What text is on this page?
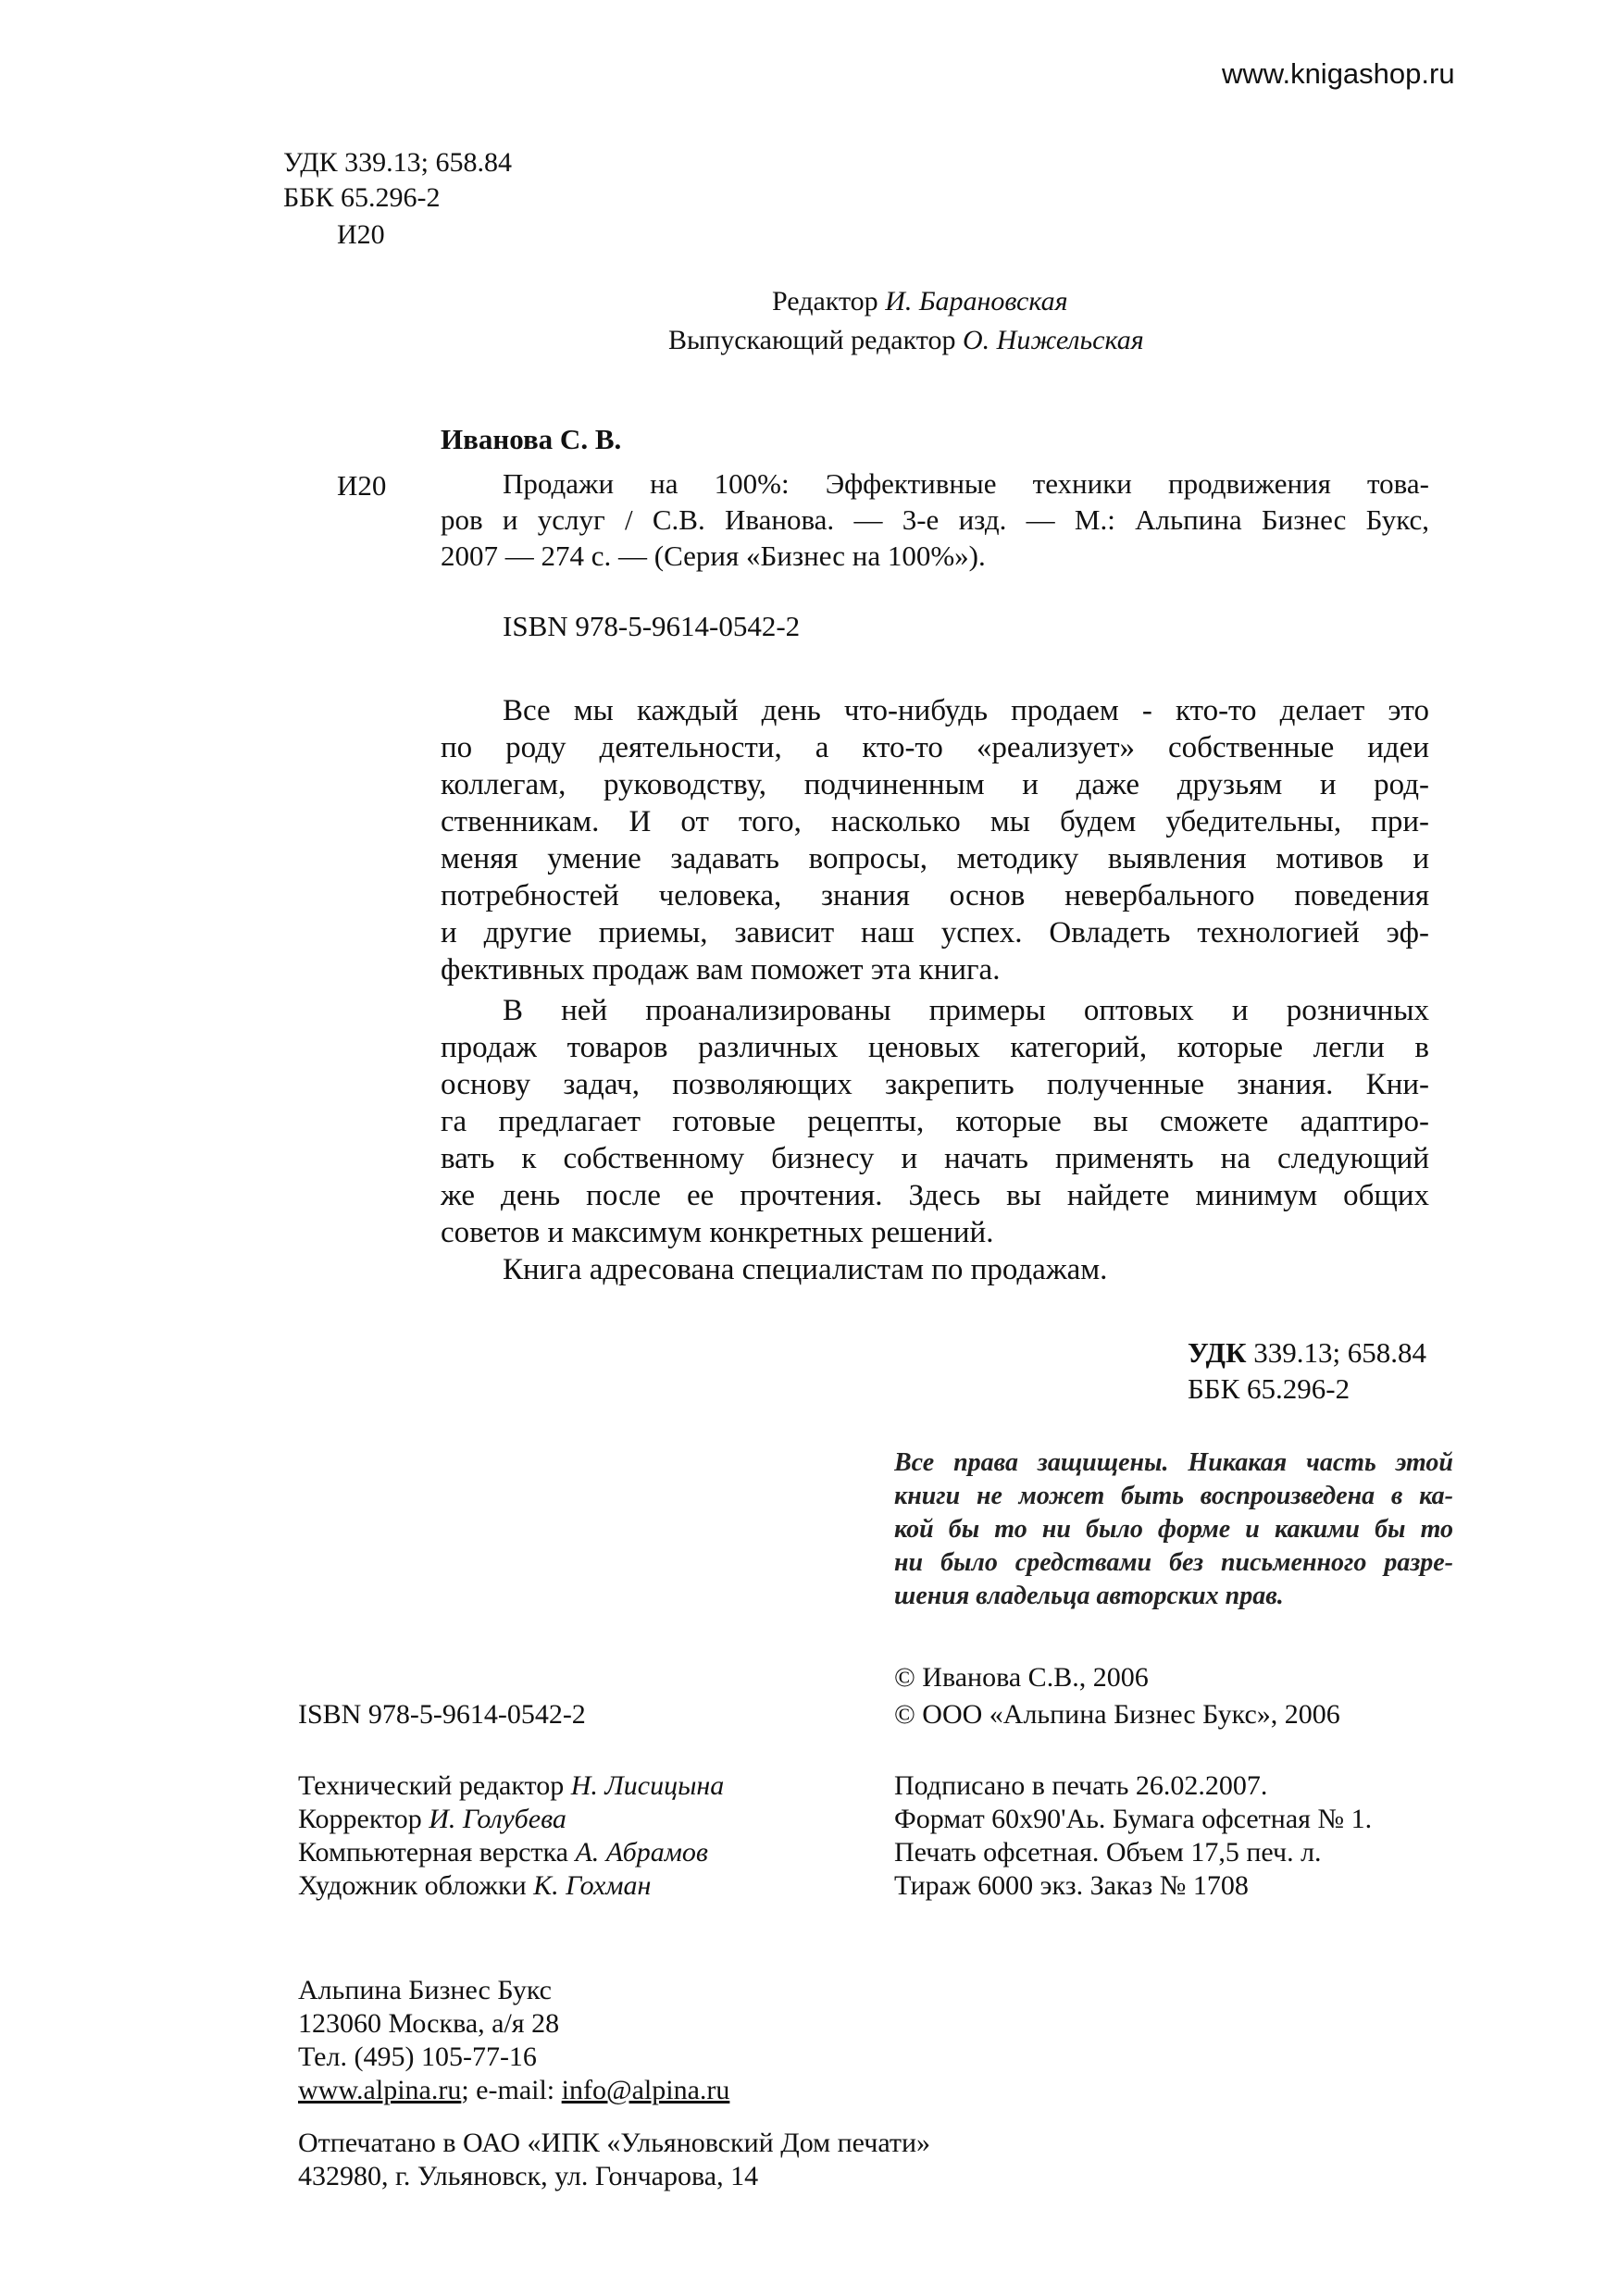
www.knigashop.ru
УДК 339.13; 658.84
ББК 65.296-2
И20
Редактор И. Барановская
Выпускающий редактор О. Нижельская
Иванова С. В.
И20	Продажи на 100%: Эффективные техники продвижения това-
ров и услуг / С.В. Иванова. — 3-е изд. — М.: Альпина Бизнес Букс,
2007 — 274 с. — (Серия «Бизнес на 100%»).
ISBN 978-5-9614-0542-2
Все мы каждый день что-нибудь продаем - кто-то делает это
по роду деятельности, а кто-то «реализует» собственные идеи
коллегам, руководству, подчиненным и даже друзьям и род-
ственникам. И от того, насколько мы будем убедительны, при-
меняя умение задавать вопросы, методику выявления мотивов и
потребностей человека, знания основ невербального поведения
и другие приемы, зависит наш успех. Овладеть технологией эф-
фективных продаж вам поможет эта книга.
В ней проанализированы примеры оптовых и розничных
продаж товаров различных ценовых категорий, которые легли в
основу задач, позволяющих закрепить полученные знания. Кни-
га предлагает готовые рецепты, которые вы сможете адаптиро-
вать к собственному бизнесу и начать применять на следующий
же день после ее прочтения. Здесь вы найдете минимум общих
советов и максимум конкретных решений.
Книга адресована специалистам по продажам.
УДК 339.13; 658.84
ББК 65.296-2
Все права защищены. Никакая часть этой
книги не может быть воспроизведена в ка-
кой бы то ни было форме и какими бы то
ни было средствами без письменного разре-
шения владельца авторских прав.
© Иванова С.В., 2006
© ООО «Альпина Бизнес Букс», 2006
ISBN 978-5-9614-0542-2
Технический редактор Н. Лисицына
Корректор И. Голубева
Компьютерная верстка А. Абрамов
Художник обложки К. Гохман
Подписано в печать 26.02.2007.
Формат 60х90'Аь. Бумага офсетная № 1.
Печать офсетная. Объем 17,5 печ. л.
Тираж 6000 экз. Заказ № 1708
Альпина Бизнес Букс
123060 Москва, а/я 28
Тел. (495) 105-77-16
www.alpina.ru; e-mail: info@alpina.ru
Отпечатано в ОАО «ИПК «Ульяновский Дом печати»
432980, г. Ульяновск, ул. Гончарова, 14
